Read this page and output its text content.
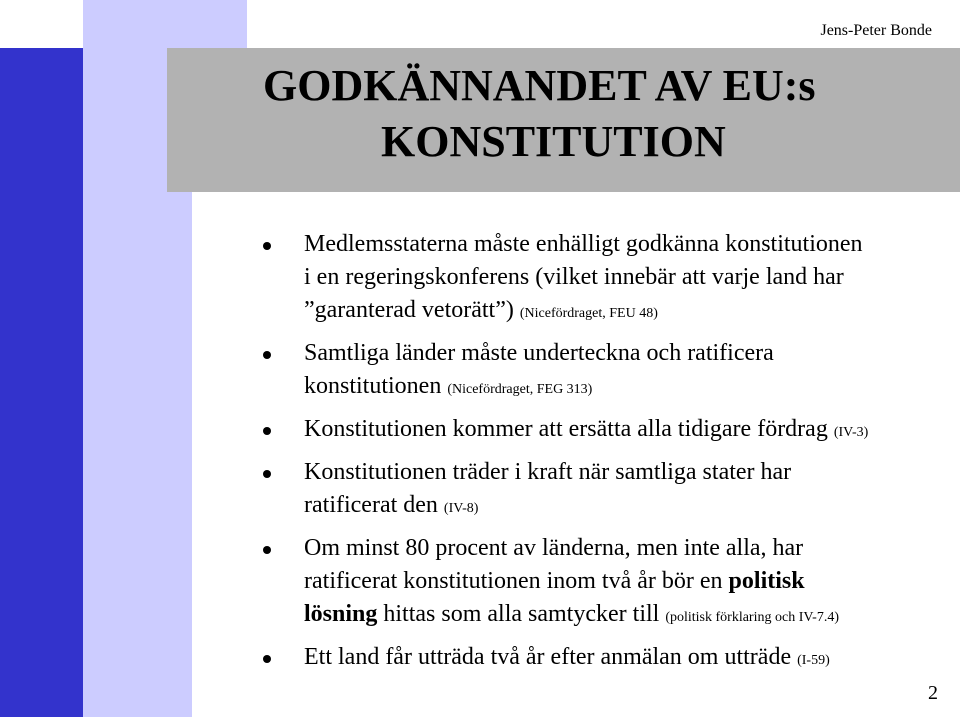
Jens-Peter Bonde
GODKÄNNANDET AV EU:s
KONSTITUTION
Medlemsstaterna måste enhälligt godkänna konstitutionen
i en regeringskonferens (vilket innebär att varje land har
”garanterad vetorätt”) (Nicefördraget, FEU 48)
Samtliga länder måste underteckna och ratificera
konstitutionen (Nicefördraget, FEG 313)
Konstitutionen kommer att ersätta alla tidigare fördrag (IV-3)
Konstitutionen träder i kraft när samtliga stater har
ratificerat den (IV-8)
Om minst 80 procent av länderna, men inte alla, har
ratificerat konstitutionen inom två år bör en politisk
lösning hittas som alla samtycker till (politisk förklaring och IV-7.4)
Ett land får utträda två år efter anmälan om utträde (I-59)
2
